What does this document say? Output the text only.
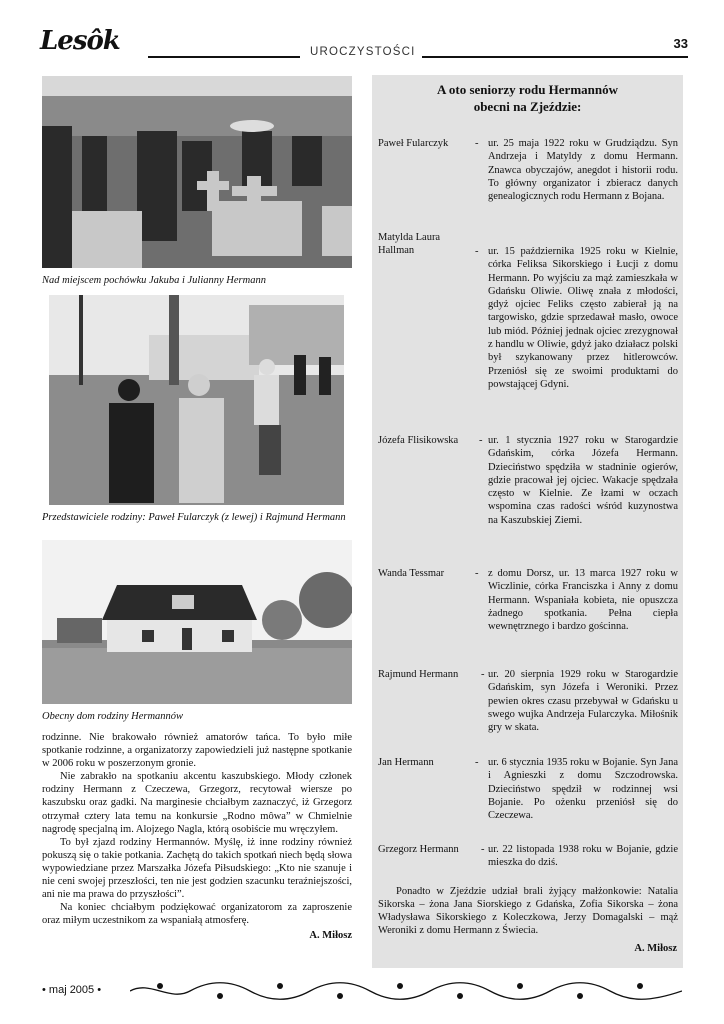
Lesôk	UROCZYSTOŚCI
33
Nad miejscem pochówku Jakuba i Julianny Hermann
Przedstawiciele rodziny: Paweł Fularczyk (z lewej) i Rajmund Hermann
Obecny dom rodziny Hermannów

rodzinne. Nie brakowało również amatorów tańca. To było miłe spotkanie rodzinne, a organizatorzy zapowiedzieli już następne spotkanie w 2006 roku w poszerzonym gronie.

Nie zabrakło na spotkaniu akcentu kaszubskiego. Młody członek rodziny Hermann z Czeczewa, Grzegorz, recytował wiersze po kaszubsku oraz gadki. Na marginesie chciałbym zaznaczyć, iż Grzegorz otrzymał cztery lata temu na konkursie „Rodno môwa” w Chmielnie nagrodę specjalną im. Alojzego Nagla, którą osobiście mu wręczyłem.

To był zjazd rodziny Hermannów. Myślę, iż inne rodziny również pokuszą się o takie potkania. Zachętą do takich spotkań niech będą słowa wypowiedziane przez Marszałka Józefa Piłsudskiego: „Kto nie szanuje i nie ceni swojej przeszłości, ten nie jest godzien szacunku teraźniejszości, ani nie ma prawa do przyszłości”.

Na koniec chciałbym podziękować organizatorom za zaproszenie oraz miłym uczestnikom za wspaniałą atmosferę.

A. Miłosz
A oto seniorzy rodu Hermannów
obecni na Zjeździe:
Paweł Fularczyk	- ur. 25 maja 1922 roku w Grudziądzu. Syn Andrzeja i Matyldy z domu Hermann. Znawca obyczajów, anegdot i historii rodu. To główny organizator i zbieracz danych genealogicznych rodu Hermann z Bojana.
Matylda Laura Hallman	- ur. 15 października 1925 roku w Kielnie, córka Feliksa Sikorskiego i Łucji z domu Hermann. Po wyjściu za mąż zamieszkała w Gdańsku Oliwie. Oliwę znała z młodości, gdyż ojciec Feliks często zabierał ją na targowisko, gdzie sprzedawał masło, owoce lub miód. Później jednak ojciec zrezygnował z handlu w Oliwie, gdyż jako działacz polski był szykanowany przez hitlerowców. Przeniósł się ze swoimi produktami do powstającej Gdyni.
Józefa Flisikowska	- ur. 1 stycznia 1927 roku w Starogardzie Gdańskim, córka Józefa Hermann. Dzieciństwo spędziła w stadninie ogierów, gdzie pracował jej ojciec. Wakacje spędzała często w Kielnie. Ze łzami w oczach wspomina czas radości wśród kuzynostwa na Kaszubskiej Ziemi.
Wanda Tessmar	- z domu Dorsz, ur. 13 marca 1927 roku w Wiczlinie, córka Franciszka i Anny z domu Hermann. Wspaniała kobieta, nie opuszcza żadnego spotkania. Pełna ciepła wewnętrznego i bardzo gościnna.
Rajmund Hermann	- ur. 20 sierpnia 1929 roku w Starogardzie Gdańskim, syn Józefa i Weroniki. Przez pewien okres czasu przebywał w Gdańsku u swego wujka Andrzeja Fularczyka. Miłośnik gry w skata.
Jan Hermann	- ur. 6 stycznia 1935 roku w Bojanie. Syn Jana i Agnieszki z domu Szczodrowska. Dzieciństwo spędził w rodzinnej wsi Bojanie. Po ożenku przeniósł się do Czeczewa.
Grzegorz Hermann	- ur. 22 listopada 1938 roku w Bojanie, gdzie mieszka do dziś.
Ponadto w Zjeździe udział brali żyjący małżonkowie: Natalia Sikorska – żona Jana Siorskiego z Gdańska, Zofia Sikorska – żona Władysława Sikorskiego z Koleczkowa, Jerzy Domagalski – mąż Weroniki z domu Hermann z Świecia.
A. Miłosz
• maj 2005 •
